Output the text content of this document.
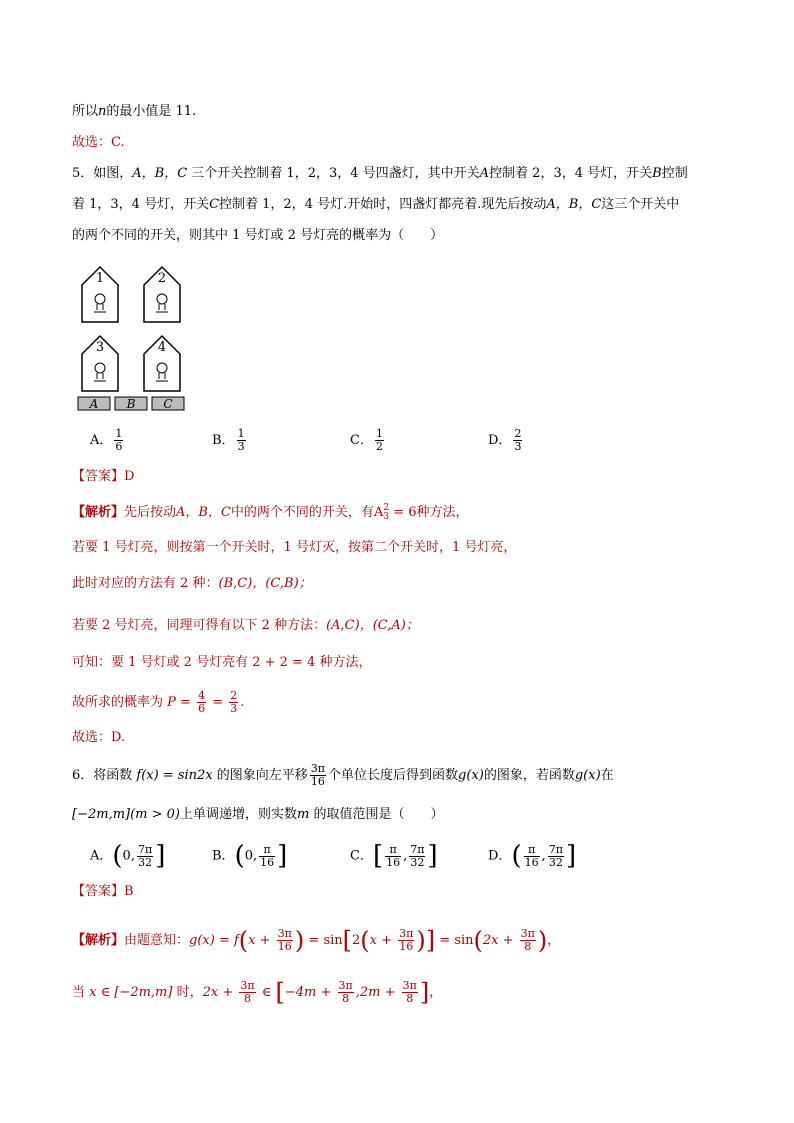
所以n的最小值是 11.
故选：C.
5．如图，A，B，C 三个开关控制着 1，2，3，4 号四盏灯，其中开关A控制着 2，3，4 号灯，开关B控制
着 1，3，4 号灯，开关C控制着 1，2，4 号灯.开始时，四盏灯都亮着.现先后按动A，B，C这三个开关中
的两个不同的开关，则其中 1 号灯或 2 号灯亮的概率为（　　）
1	2
3	4
A B C
A． $\frac{1}{6}$	B． $\frac{1}{3}$	C． $\frac{1}{2}$	D． $\frac{2}{3}$
【答案】D
【解析】先后按动A，B，C中的两个不同的开关，有A 2
3 = 6种方法，
若要 1 号灯亮，则按第一个开关时，1 号灯灭，按第二个开关时，1 号灯亮，
此时对应的方法有 2 种：(B,C)，(C,B)；
若要 2 号灯亮，同理可得有以下 2 种方法：(A,C)，(C,A)；
可知：要 1 号灯或 2 号灯亮有 2 + 2 = 4 种方法，
故所求的概率为 $P = \frac{4}{6} = \frac{2}{3}$ .
故选：D.
6．将函数 f(x) = sin2x 的图象向左平移 $\frac{3\pi}{16}$ 个单位长度后得到函数g(x)的图象，若函数g(x)在
[−2m,m](m > 0)上单调递增，则实数m 的取值范围是（　　）
A．(0, $\frac{7\pi}{32}$ ]	B．(0, $\frac{\pi}{16}$ ]	C．[ $\frac{\pi}{16}$ , $\frac{7\pi}{32}$ ]	D．( $\frac{\pi}{16}$ , $\frac{7\pi}{32}$ ]
【答案】B
【解析】由题意知：$g(x) = f(x + \frac{3\pi}{16}$ ) = $\sin[2(x + \frac{3\pi}{16}$ )] = $\sin(2x + \frac{3\pi}{8}$ )，
当 x ∈ [−2m,m] 时，$2x + \frac{3\pi}{8}$ ∈ [$-4m + \frac{3\pi}{8} ,2m + \frac{3\pi}{8}$ ]，
